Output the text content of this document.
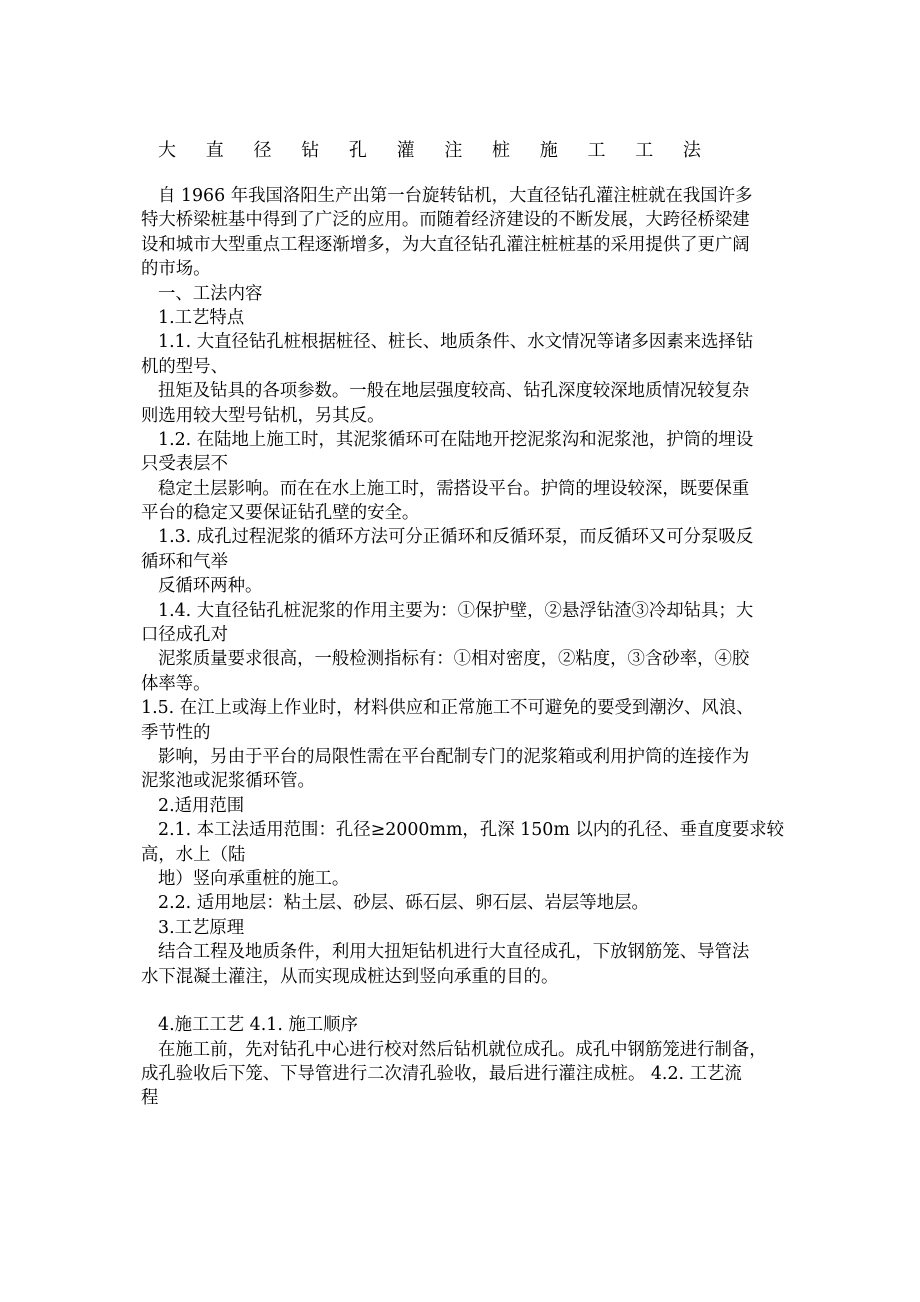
大 直 径 钻 孔 灌 注 桩 施 工 工 法
自 1966 年我国洛阳生产出第一台旋转钻机，大直径钻孔灌注桩就在我国许多
特大桥梁桩基中得到了广泛的应用。而随着经济建设的不断发展，大跨径桥梁建
设和城市大型重点工程逐渐增多，为大直径钻孔灌注桩桩基的采用提供了更广阔
的市场。
一、工法内容
1.工艺特点
1.1. 大直径钻孔桩根据桩径、桩长、地质条件、水文情况等诸多因素来选择钻
机的型号、
扭矩及钻具的各项参数。一般在地层强度较高、钻孔深度较深地质情况较复杂
则选用较大型号钻机，另其反。
1.2. 在陆地上施工时，其泥浆循环可在陆地开挖泥浆沟和泥浆池，护筒的埋设
只受表层不
稳定土层影响。而在在水上施工时，需搭设平台。护筒的埋设较深，既要保重
平台的稳定又要保证钻孔壁的安全。
1.3. 成孔过程泥浆的循环方法可分正循环和反循环泵，而反循环又可分泵吸反
循环和气举
反循环两种。
1.4. 大直径钻孔桩泥浆的作用主要为：①保护壁，②悬浮钻渣③冷却钻具；大
口径成孔对
泥浆质量要求很高，一般检测指标有：①相对密度，②粘度，③含砂率，④胶
体率等。
1.5. 在江上或海上作业时，材料供应和正常施工不可避免的要受到潮汐、风浪、
季节性的
影响，另由于平台的局限性需在平台配制专门的泥浆箱或利用护筒的连接作为
泥浆池或泥浆循环管。
2.适用范围
2.1. 本工法适用范围：孔径≥2000mm，孔深 150m 以内的孔径、垂直度要求较
高，水上（陆
地）竖向承重桩的施工。
2.2. 适用地层：粘土层、砂层、砾石层、卵石层、岩层等地层。
3.工艺原理
结合工程及地质条件，利用大扭矩钻机进行大直径成孔，下放钢筋笼、导管法
水下混凝土灌注，从而实现成桩达到竖向承重的目的。
4.施工工艺 4.1. 施工顺序
在施工前，先对钻孔中心进行校对然后钻机就位成孔。成孔中钢筋笼进行制备，
成孔验收后下笼、下导管进行二次清孔验收，最后进行灌注成桩。 4.2. 工艺流
程
